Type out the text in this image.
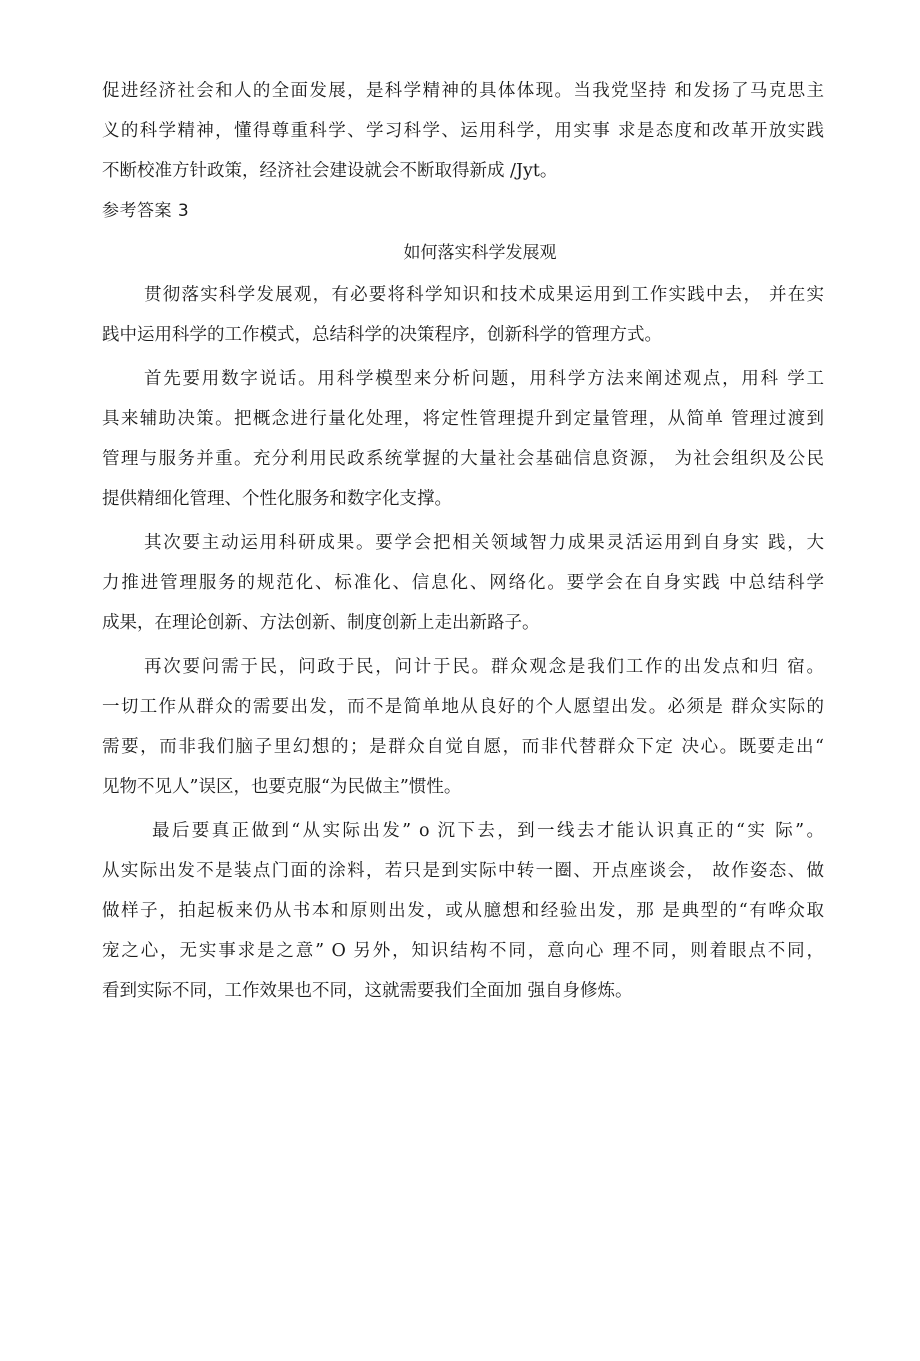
促进经济社会和人的全面发展，是科学精神的具体体现。当我党坚持 和发扬了马克思主
义的科学精神，懂得尊重科学、学习科学、运用科学，用实事 求是态度和改革开放实践
不断校准方针政策，经济社会建设就会不断取得新成 /Jyt。
参考答案 3
如何落实科学发展观
贯彻落实科学发展观，有必要将科学知识和技术成果运用到工作实践中去， 并在实
践中运用科学的工作模式，总结科学的决策程序，创新科学的管理方式。
首先要用数字说话。用科学模型来分析问题，用科学方法来阐述观点，用科 学工
具来辅助决策。把概念进行量化处理，将定性管理提升到定量管理，从简单 管理过渡到
管理与服务并重。充分利用民政系统掌握的大量社会基础信息资源， 为社会组织及公民
提供精细化管理、个性化服务和数字化支撑。
其次要主动运用科研成果。要学会把相关领域智力成果灵活运用到自身实 践，大
力推进管理服务的规范化、标准化、信息化、网络化。要学会在自身实践 中总结科学
成果，在理论创新、方法创新、制度创新上走出新路子。
再次要问需于民，问政于民，问计于民。群众观念是我们工作的出发点和归 宿。
一切工作从群众的需要出发，而不是简单地从良好的个人愿望出发。必须是 群众实际的
需要，而非我们脑子里幻想的；是群众自觉自愿，而非代替群众下定 决心。既要走出“
见物不见人”误区，也要克服“为民做主”惯性。
最后要真正做到“从实际出发” o 沉下去，到一线去才能认识真正的“实 际”。
从实际出发不是装点门面的涂料，若只是到实际中转一圈、开点座谈会， 故作姿态、做
做样子，拍起板来仍从书本和原则出发，或从臆想和经验出发，那 是典型的“有哗众取
宠之心，无实事求是之意” O 另外，知识结构不同，意向心 理不同，则着眼点不同，
看到实际不同，工作效果也不同，这就需要我们全面加 强自身修炼。
